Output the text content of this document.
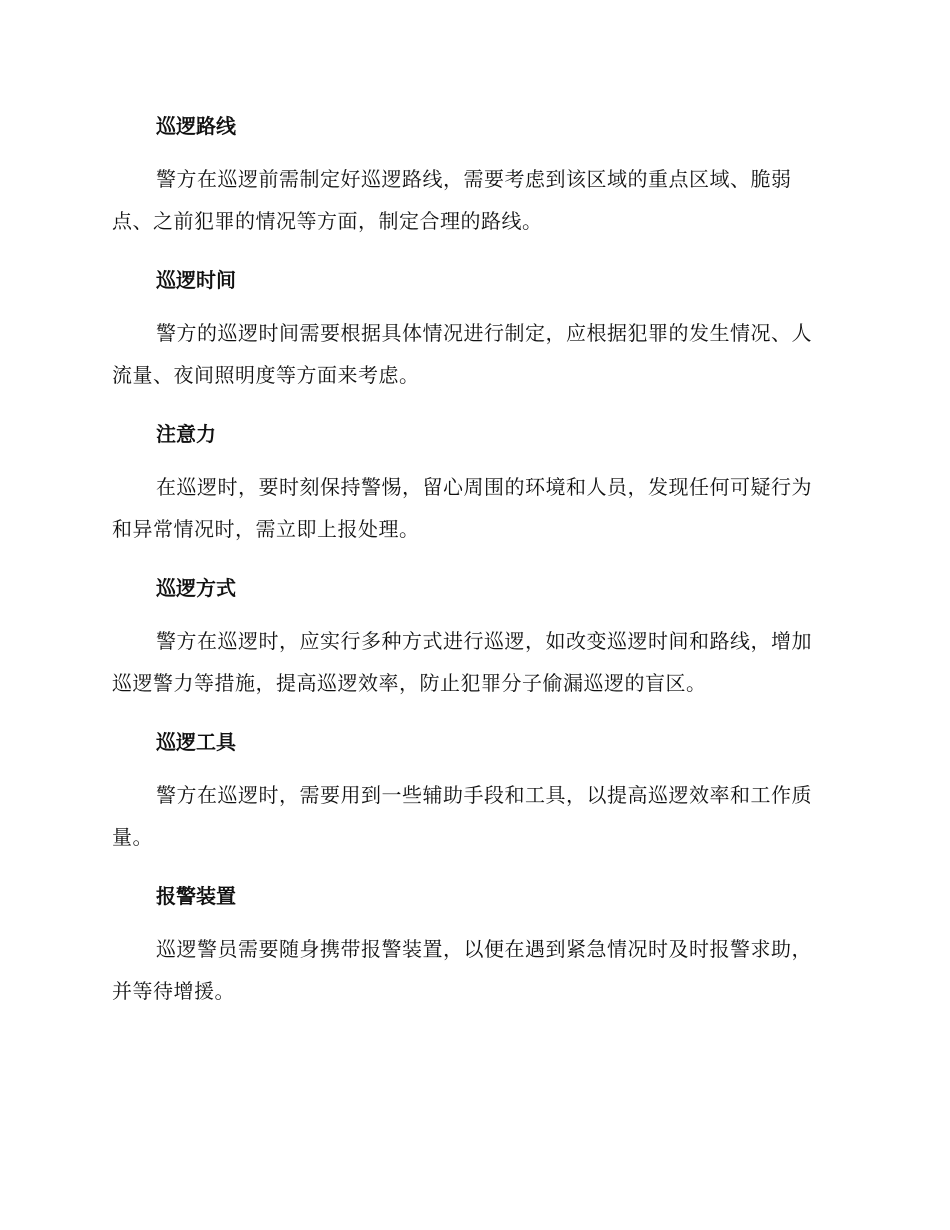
巡逻路线

警方在巡逻前需制定好巡逻路线，需要考虑到该区域的重点区域、脆弱点、之前犯罪的情况等方面，制定合理的路线。

巡逻时间

警方的巡逻时间需要根据具体情况进行制定，应根据犯罪的发生情况、人流量、夜间照明度等方面来考虑。

注意力

在巡逻时，要时刻保持警惕，留心周围的环境和人员，发现任何可疑行为和异常情况时，需立即上报处理。

巡逻方式

警方在巡逻时，应实行多种方式进行巡逻，如改变巡逻时间和路线，增加巡逻警力等措施，提高巡逻效率，防止犯罪分子偷漏巡逻的盲区。

巡逻工具

警方在巡逻时，需要用到一些辅助手段和工具，以提高巡逻效率和工作质量。

报警装置

巡逻警员需要随身携带报警装置，以便在遇到紧急情况时及时报警求助，并等待增援。
